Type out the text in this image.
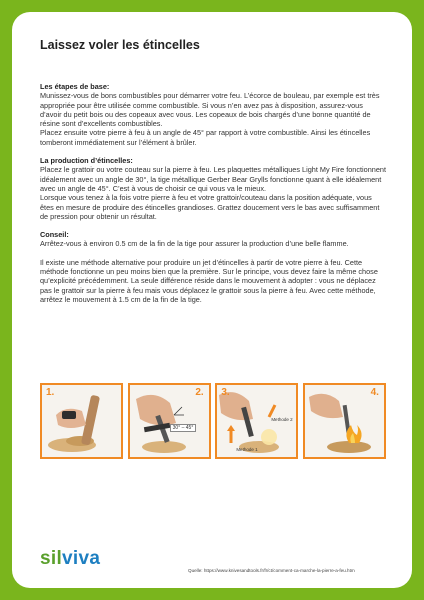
Laissez voler les étincelles
Les étapes de base:

Munissez-vous de bons combustibles pour démarrer votre feu. L’écorce de bouleau, par exemple est très appropriée pour être utilisée comme combustible. Si vous n’en avez pas à disposition, assurez-vous d’avoir du petit bois ou des copeaux avec vous. Les copeaux de bois chargés d’une bonne quantité de résine sont d’excellents combustibles.

Placez ensuite votre pierre à feu à un angle de 45° par rapport à votre combustible. Ainsi les étincelles tomberont immédiatement sur l’élément à brûler.

La production d’étincelles:

Placez le grattoir ou votre couteau sur la pierre à feu. Les plaquettes métalliques Light My Fire fonctionnent idéalement avec un angle de 30°, la tige métallique Gerber Bear Grylls fonctionne quant à elle idéalement avec un angle de 45°. C’est à vous de choisir ce qui vous va le mieux.

Lorsque vous tenez à la fois votre pierre à feu et votre grattoir/couteau dans la position adéquate, vous êtes en mesure de produire des étincelles grandioses. Grattez doucement vers le bas avec suffisamment de pression pour obtenir un résultat.

Conseil:

Arrêtez-vous à environ 0.5 cm de la fin de la tige pour assurer la production d’une belle flamme.

Il existe une méthode alternative pour produire un jet d’étincelles à partir de votre pierre à feu. Cette méthode fonctionne un peu moins bien que la première. Sur le principe, vous devez faire la même chose qu’explicité précédemment. La seule différence réside dans le mouvement à adopter : vous ne déplacez pas le grattoir sur la pierre à feu mais vous déplacez le grattoir sous la pierre à feu. Avec cette méthode, arrêtez le mouvement à 1.5 cm de la fin de la tige.

1.	2.
30° – 45°
3.
Methode 1
Methode 2
4.
silviva
Quelle: https://www.knivesandtools.fr/fr/ct/comment-ca-marche-la-pierre-a-feu.htm
